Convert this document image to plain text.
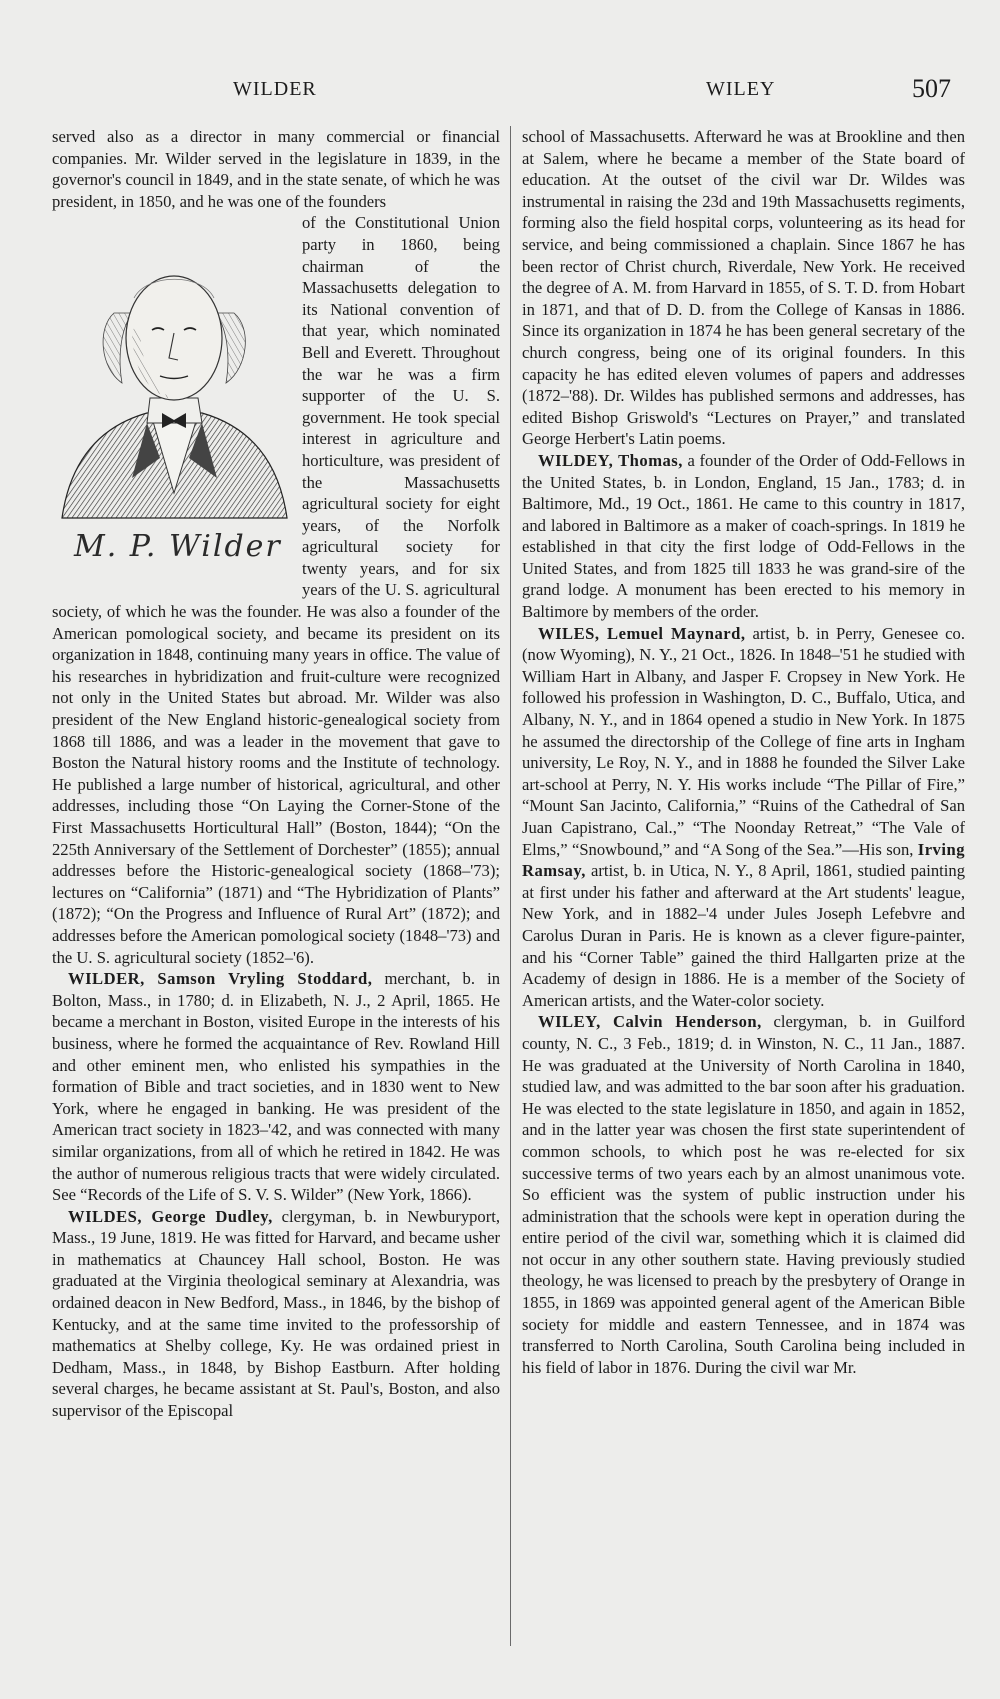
WILDER	WILEY	507

served also as a director in many commercial or financial companies. Mr. Wilder served in the legislature in 1839, in the governor's council in 1849, and in the state senate, of which he was president, in 1850, and he was one of the founders

M. P. Wilder

of the Constitutional Union party in 1860, being chairman of the Massachusetts delegation to its National convention of that year, which nominated Bell and Everett. Throughout the war he was a firm supporter of the U. S. government. He took special interest in agriculture and horticulture, was president of the Massachusetts agricultural society for eight years, of the Norfolk agricultural society for twenty years, and for six years of the U. S. agricultural society, of which he was the founder. He was also a founder of the American pomological society, and became its president on its organization in 1848, continuing many years in office. The value of his researches in hybridization and fruit-culture were recognized not only in the United States but abroad. Mr. Wilder was also president of the New England historic-genealogical society from 1868 till 1886, and was a leader in the movement that gave to Boston the Natural history rooms and the Institute of technology. He published a large number of historical, agricultural, and other addresses, including those “On Laying the Corner-Stone of the First Massachusetts Horticultural Hall” (Boston, 1844); “On the 225th Anniversary of the Settlement of Dorchester” (1855); annual addresses before the Historic-genealogical society (1868–'73); lectures on “California” (1871) and “The Hybridization of Plants” (1872); “On the Progress and Influence of Rural Art” (1872); and addresses before the American pomological society (1848–'73) and the U. S. agricultural society (1852–'6).

WILDER, Samson Vryling Stoddard, merchant, b. in Bolton, Mass., in 1780; d. in Elizabeth, N. J., 2 April, 1865. He became a merchant in Boston, visited Europe in the interests of his business, where he formed the acquaintance of Rev. Rowland Hill and other eminent men, who enlisted his sympathies in the formation of Bible and tract societies, and in 1830 went to New York, where he engaged in banking. He was president of the American tract society in 1823–'42, and was connected with many similar organizations, from all of which he retired in 1842. He was the author of numerous religious tracts that were widely circulated. See “Records of the Life of S. V. S. Wilder” (New York, 1866).

WILDES, George Dudley, clergyman, b. in Newburyport, Mass., 19 June, 1819. He was fitted for Harvard, and became usher in mathematics at Chauncey Hall school, Boston. He was graduated at the Virginia theological seminary at Alexandria, was ordained deacon in New Bedford, Mass., in 1846, by the bishop of Kentucky, and at the same time invited to the professorship of mathematics at Shelby college, Ky. He was ordained priest in Dedham, Mass., in 1848, by Bishop Eastburn. After holding several charges, he became assistant at St. Paul's, Boston, and also supervisor of the Episcopal

school of Massachusetts. Afterward he was at Brookline and then at Salem, where he became a member of the State board of education. At the outset of the civil war Dr. Wildes was instrumental in raising the 23d and 19th Massachusetts regiments, forming also the field hospital corps, volunteering as its head for service, and being commissioned a chaplain. Since 1867 he has been rector of Christ church, Riverdale, New York. He received the degree of A. M. from Harvard in 1855, of S. T. D. from Hobart in 1871, and that of D. D. from the College of Kansas in 1886. Since its organization in 1874 he has been general secretary of the church congress, being one of its original founders. In this capacity he has edited eleven volumes of papers and addresses (1872–'88). Dr. Wildes has published sermons and addresses, has edited Bishop Griswold's “Lectures on Prayer,” and translated George Herbert's Latin poems.

WILDEY, Thomas, a founder of the Order of Odd-Fellows in the United States, b. in London, England, 15 Jan., 1783; d. in Baltimore, Md., 19 Oct., 1861. He came to this country in 1817, and labored in Baltimore as a maker of coach-springs. In 1819 he established in that city the first lodge of Odd-Fellows in the United States, and from 1825 till 1833 he was grand-sire of the grand lodge. A monument has been erected to his memory in Baltimore by members of the order.

WILES, Lemuel Maynard, artist, b. in Perry, Genesee co. (now Wyoming), N. Y., 21 Oct., 1826. In 1848–'51 he studied with William Hart in Albany, and Jasper F. Cropsey in New York. He followed his profession in Washington, D. C., Buffalo, Utica, and Albany, N. Y., and in 1864 opened a studio in New York. In 1875 he assumed the directorship of the College of fine arts in Ingham university, Le Roy, N. Y., and in 1888 he founded the Silver Lake art-school at Perry, N. Y. His works include “The Pillar of Fire,” “Mount San Jacinto, California,” “Ruins of the Cathedral of San Juan Capistrano, Cal.,” “The Noonday Retreat,” “The Vale of Elms,” “Snowbound,” and “A Song of the Sea.”—His son, Irving Ramsay, artist, b. in Utica, N. Y., 8 April, 1861, studied painting at first under his father and afterward at the Art students' league, New York, and in 1882–'4 under Jules Joseph Lefebvre and Carolus Duran in Paris. He is known as a clever figure-painter, and his “Corner Table” gained the third Hallgarten prize at the Academy of design in 1886. He is a member of the Society of American artists, and the Water-color society.

WILEY, Calvin Henderson, clergyman, b. in Guilford county, N. C., 3 Feb., 1819; d. in Winston, N. C., 11 Jan., 1887. He was graduated at the University of North Carolina in 1840, studied law, and was admitted to the bar soon after his graduation. He was elected to the state legislature in 1850, and again in 1852, and in the latter year was chosen the first state superintendent of common schools, to which post he was re-elected for six successive terms of two years each by an almost unanimous vote. So efficient was the system of public instruction under his administration that the schools were kept in operation during the entire period of the civil war, something which it is claimed did not occur in any other southern state. Having previously studied theology, he was licensed to preach by the presbytery of Orange in 1855, in 1869 was appointed general agent of the American Bible society for middle and eastern Tennessee, and in 1874 was transferred to North Carolina, South Carolina being included in his field of labor in 1876. During the civil war Mr.
